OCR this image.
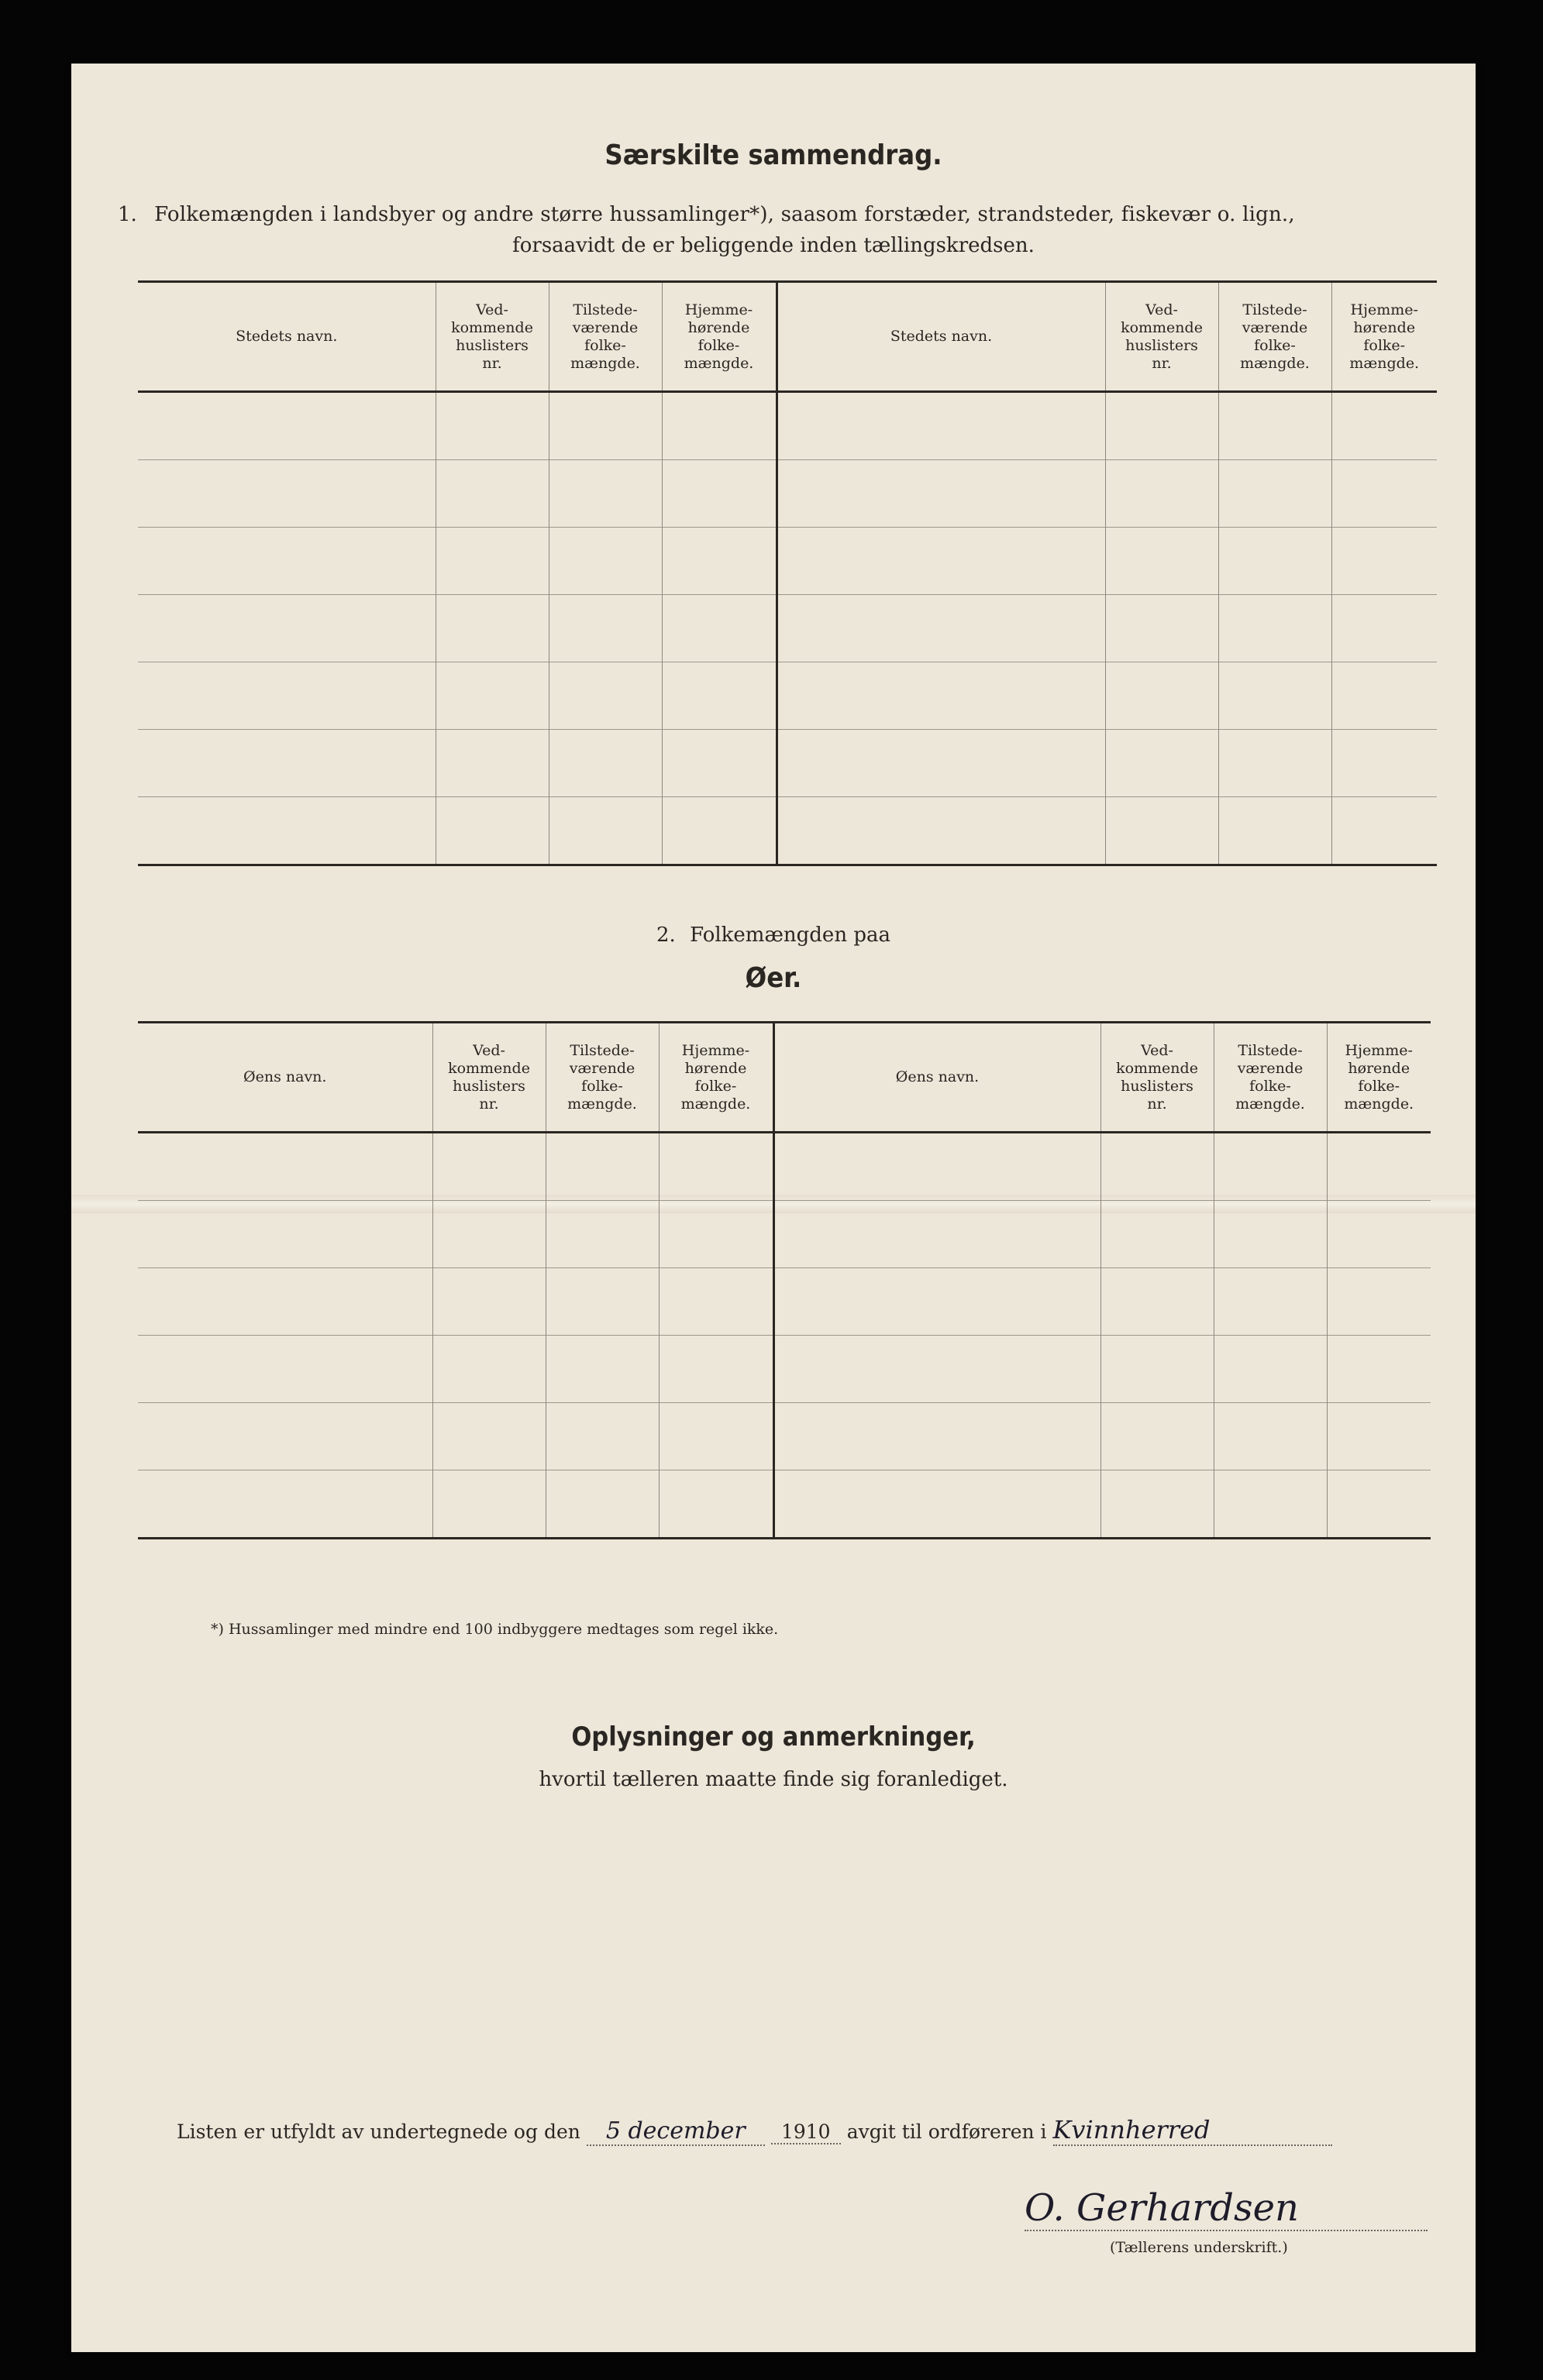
Særskilte sammendrag.
1. Folkemængden i landsbyer og andre større hussamlinger*), saasom forstæder, strandsteder, fiskevær o. lign.,
forsaavidt de er beliggende inden tællingskredsen.
Stedets navn.	Ved-
kommende
huslisters
nr.	Tilstede-
værende
folke-
mængde.	Hjemme-
hørende
folke-
mængde.	Stedets navn.	Ved-
kommende
huslisters
nr.	Tilstede-
værende
folke-
mængde.	Hjemme-
hørende
folke-
mængde.

2. Folkemængden paa
Øer.
Øens navn.	Ved-
kommende
huslisters
nr.	Tilstede-
værende
folke-
mængde.	Hjemme-
hørende
folke-
mængde.	Øens navn.	Ved-
kommende
huslisters
nr.	Tilstede-
værende
folke-
mængde.	Hjemme-
hørende
folke-
mængde.

*) Hussamlinger med mindre end 100 indbyggere medtages som regel ikke.
Oplysninger og anmerkninger,
hvortil tælleren maatte finde sig foranlediget.
Listen er utfyldt av undertegnede og den 5 december 1910 avgit til ordføreren i Kvinnherred
O. Gerhardsen
(Tællerens underskrift.)
